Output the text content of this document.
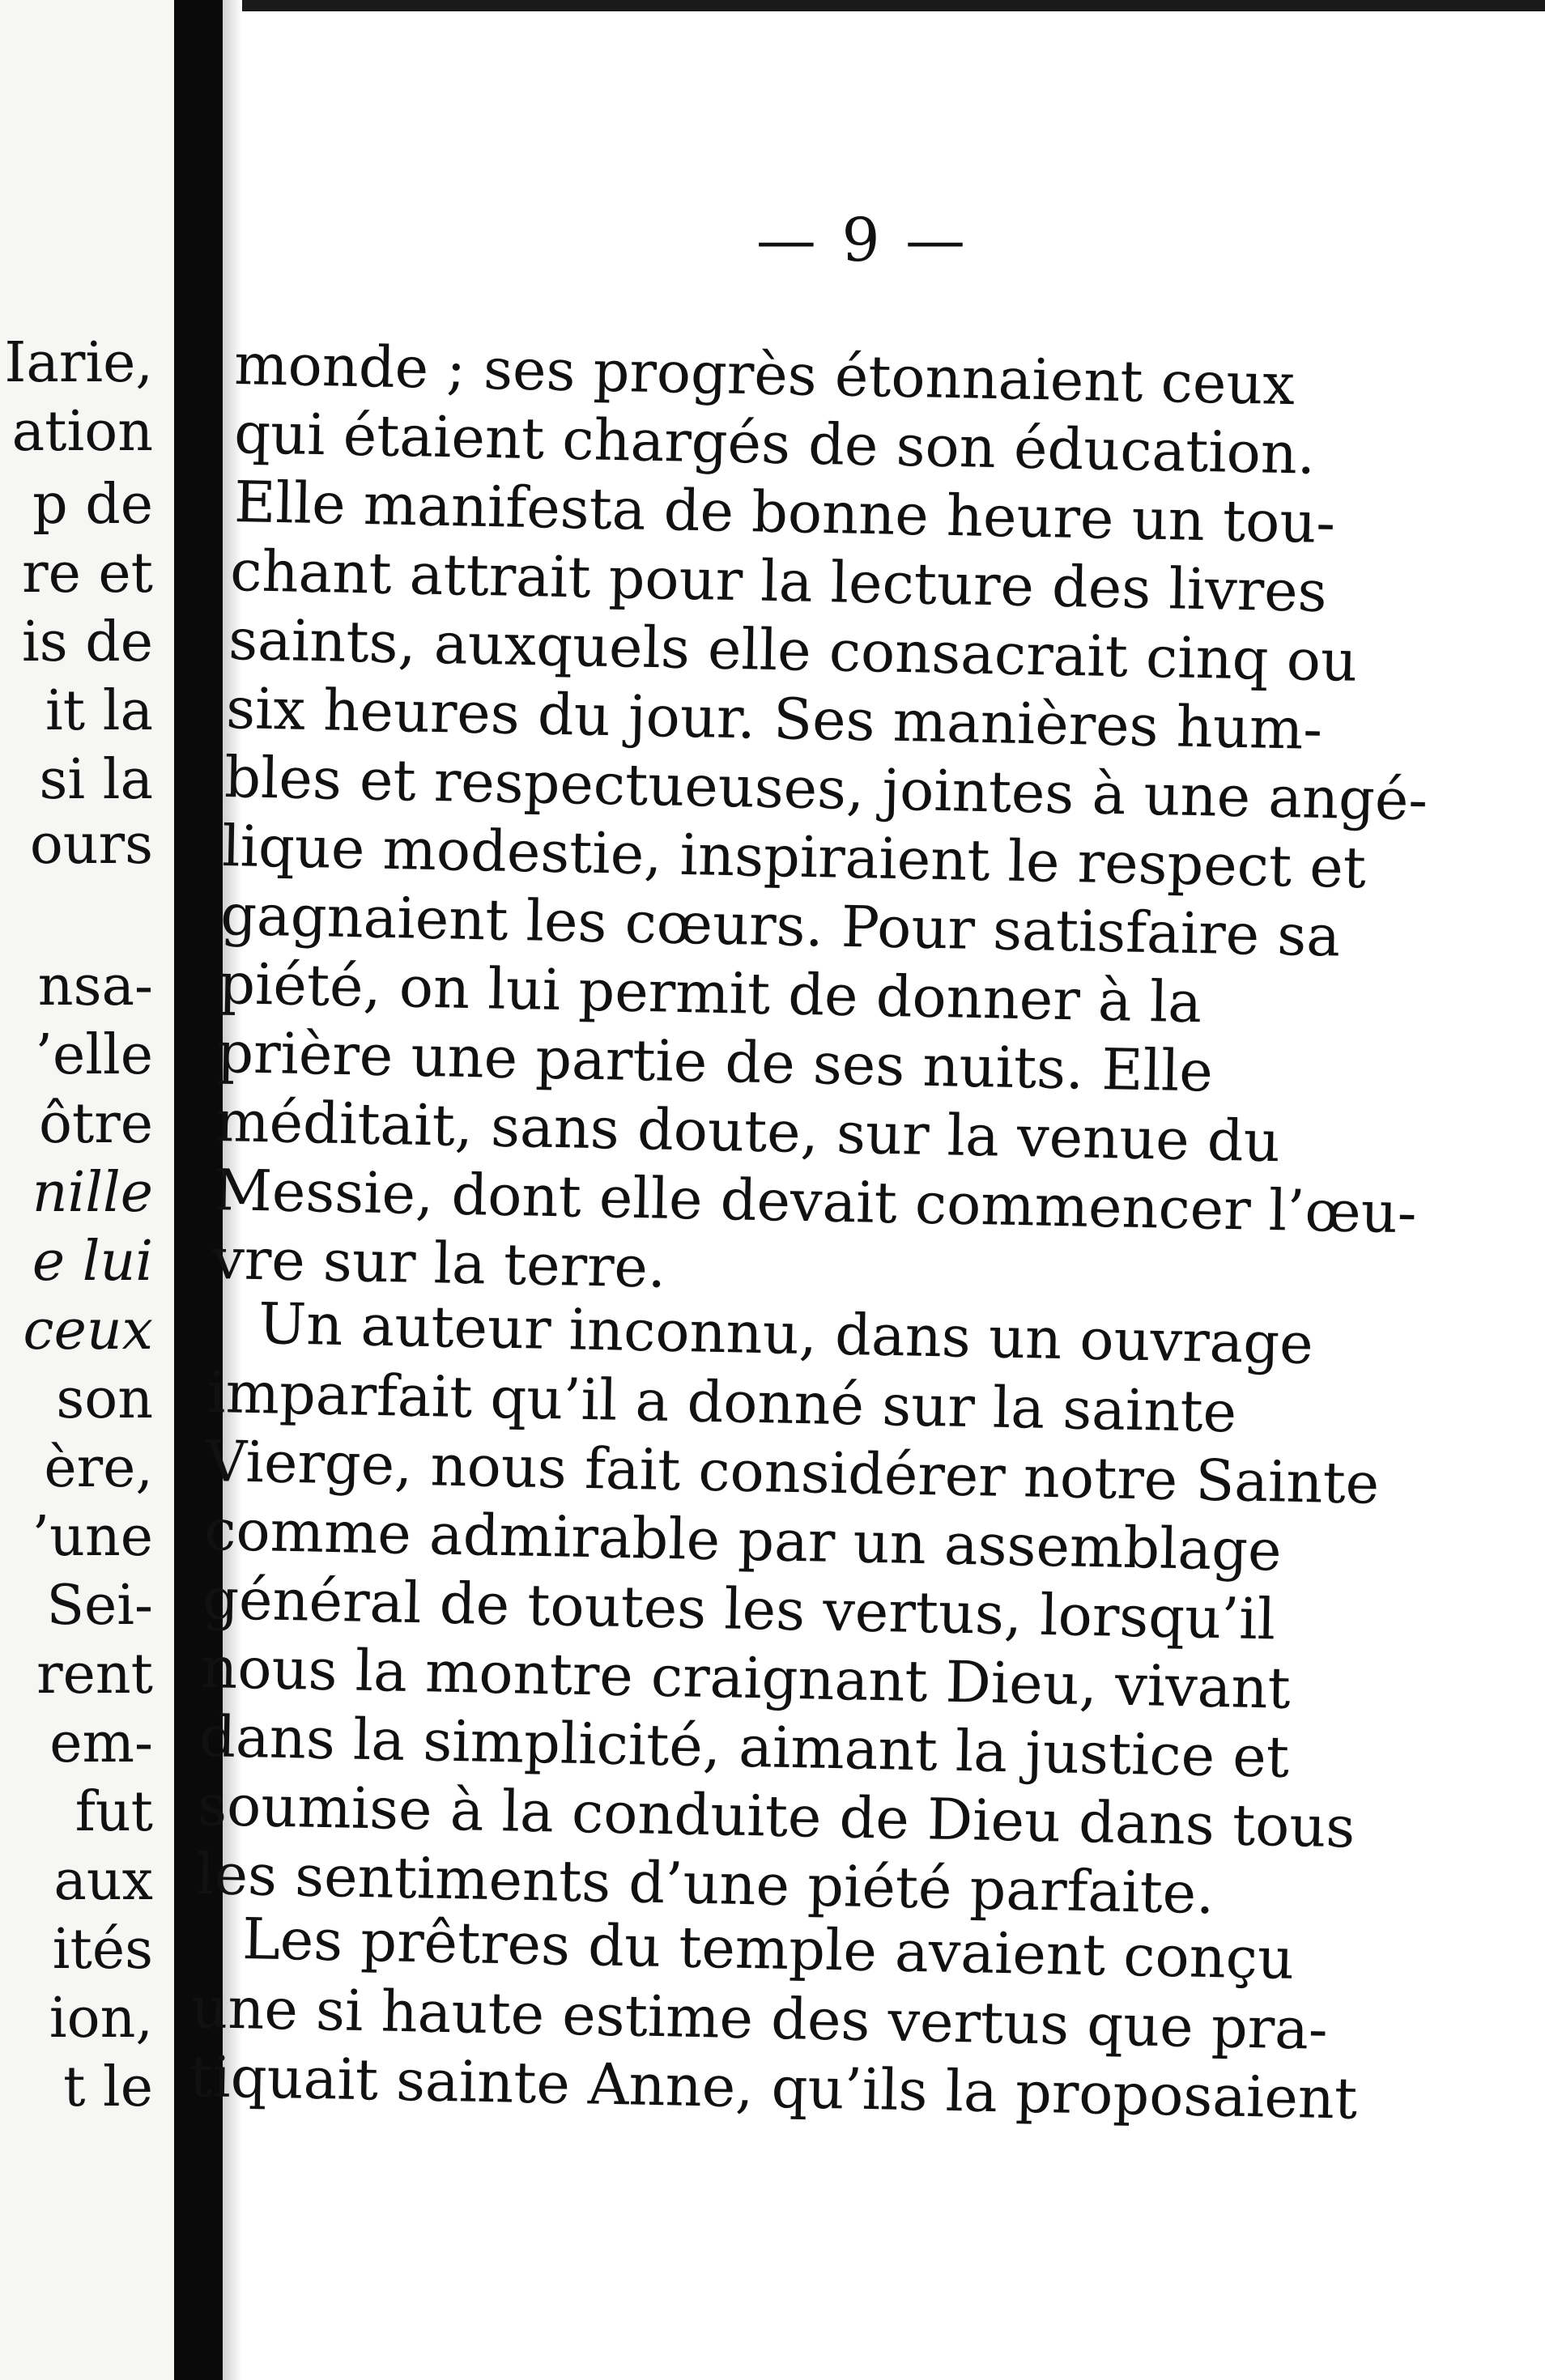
Iarie,
ation
p de
re et
is de
it la
si la
ours
nsa-
’elle
ôtre
nille
e lui
ceux
son
ère,
’une
Sei-
rent
em-
fut
aux
ités
ion,
t le
— 9 —
monde ; ses progrès étonnaient ceux
qui étaient chargés de son éducation.
Elle manifesta de bonne heure un tou-
chant attrait pour la lecture des livres
saints, auxquels elle consacrait cinq ou
six heures du jour. Ses manières hum-
bles et respectueuses, jointes à une angé-
lique modestie, inspiraient le respect et
gagnaient les cœurs. Pour satisfaire sa
piété, on lui permit de donner à la
prière une partie de ses nuits. Elle
méditait, sans doute, sur la venue du
Messie, dont elle devait commencer l’œu-
vre sur la terre.
Un auteur inconnu, dans un ouvrage
imparfait qu’il a donné sur la sainte
Vierge, nous fait considérer notre Sainte
comme admirable par un assemblage
général de toutes les vertus, lorsqu’il
nous la montre craignant Dieu, vivant
dans la simplicité, aimant la justice et
soumise à la conduite de Dieu dans tous
les sentiments d’une piété parfaite.
Les prêtres du temple avaient conçu
une si haute estime des vertus que pra-
tiquait sainte Anne, qu’ils la proposaient
